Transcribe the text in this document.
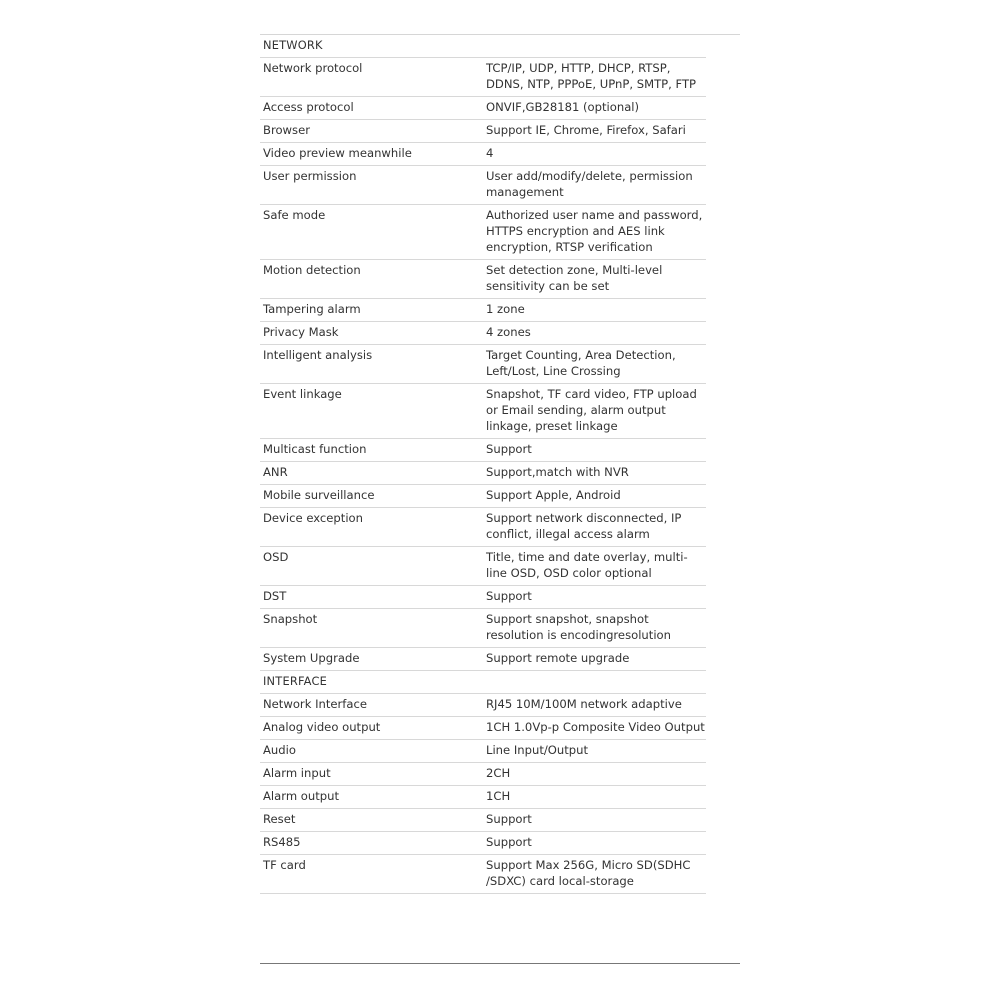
NETWORK	
Network protocol	TCP/IP, UDP, HTTP, DHCP, RTSP, DDNS, NTP, PPPoE, UPnP, SMTP, FTP
Access protocol	ONVIF,GB28181 (optional)
Browser	Support IE, Chrome, Firefox, Safari
Video preview meanwhile	4
User permission	User add/modify/delete, permission management
Safe mode	Authorized user name and password, HTTPS encryption and AES link encryption, RTSP verification
Motion detection	Set detection zone, Multi-level sensitivity can be set
Tampering alarm	1 zone
Privacy Mask	4 zones
Intelligent analysis	Target Counting, Area Detection, Left/Lost, Line Crossing
Event linkage	Snapshot, TF card video, FTP upload or Email sending, alarm output linkage, preset linkage
Multicast function	Support
ANR	Support,match with NVR
Mobile surveillance	Support Apple, Android
Device exception	Support network disconnected, IP conflict, illegal access alarm
OSD	Title, time and date overlay, multi-line OSD, OSD color optional
DST	Support
Snapshot	Support snapshot, snapshot resolution is encodingresolution
System Upgrade	Support remote upgrade
INTERFACE	
Network Interface	RJ45 10M/100M network adaptive
Analog video output	1CH 1.0Vp-p Composite Video Output
Audio	Line Input/Output
Alarm input	2CH
Alarm output	1CH
Reset	Support
RS485	Support
TF card	Support Max 256G, Micro SD(SDHC /SDXC) card local-storage
